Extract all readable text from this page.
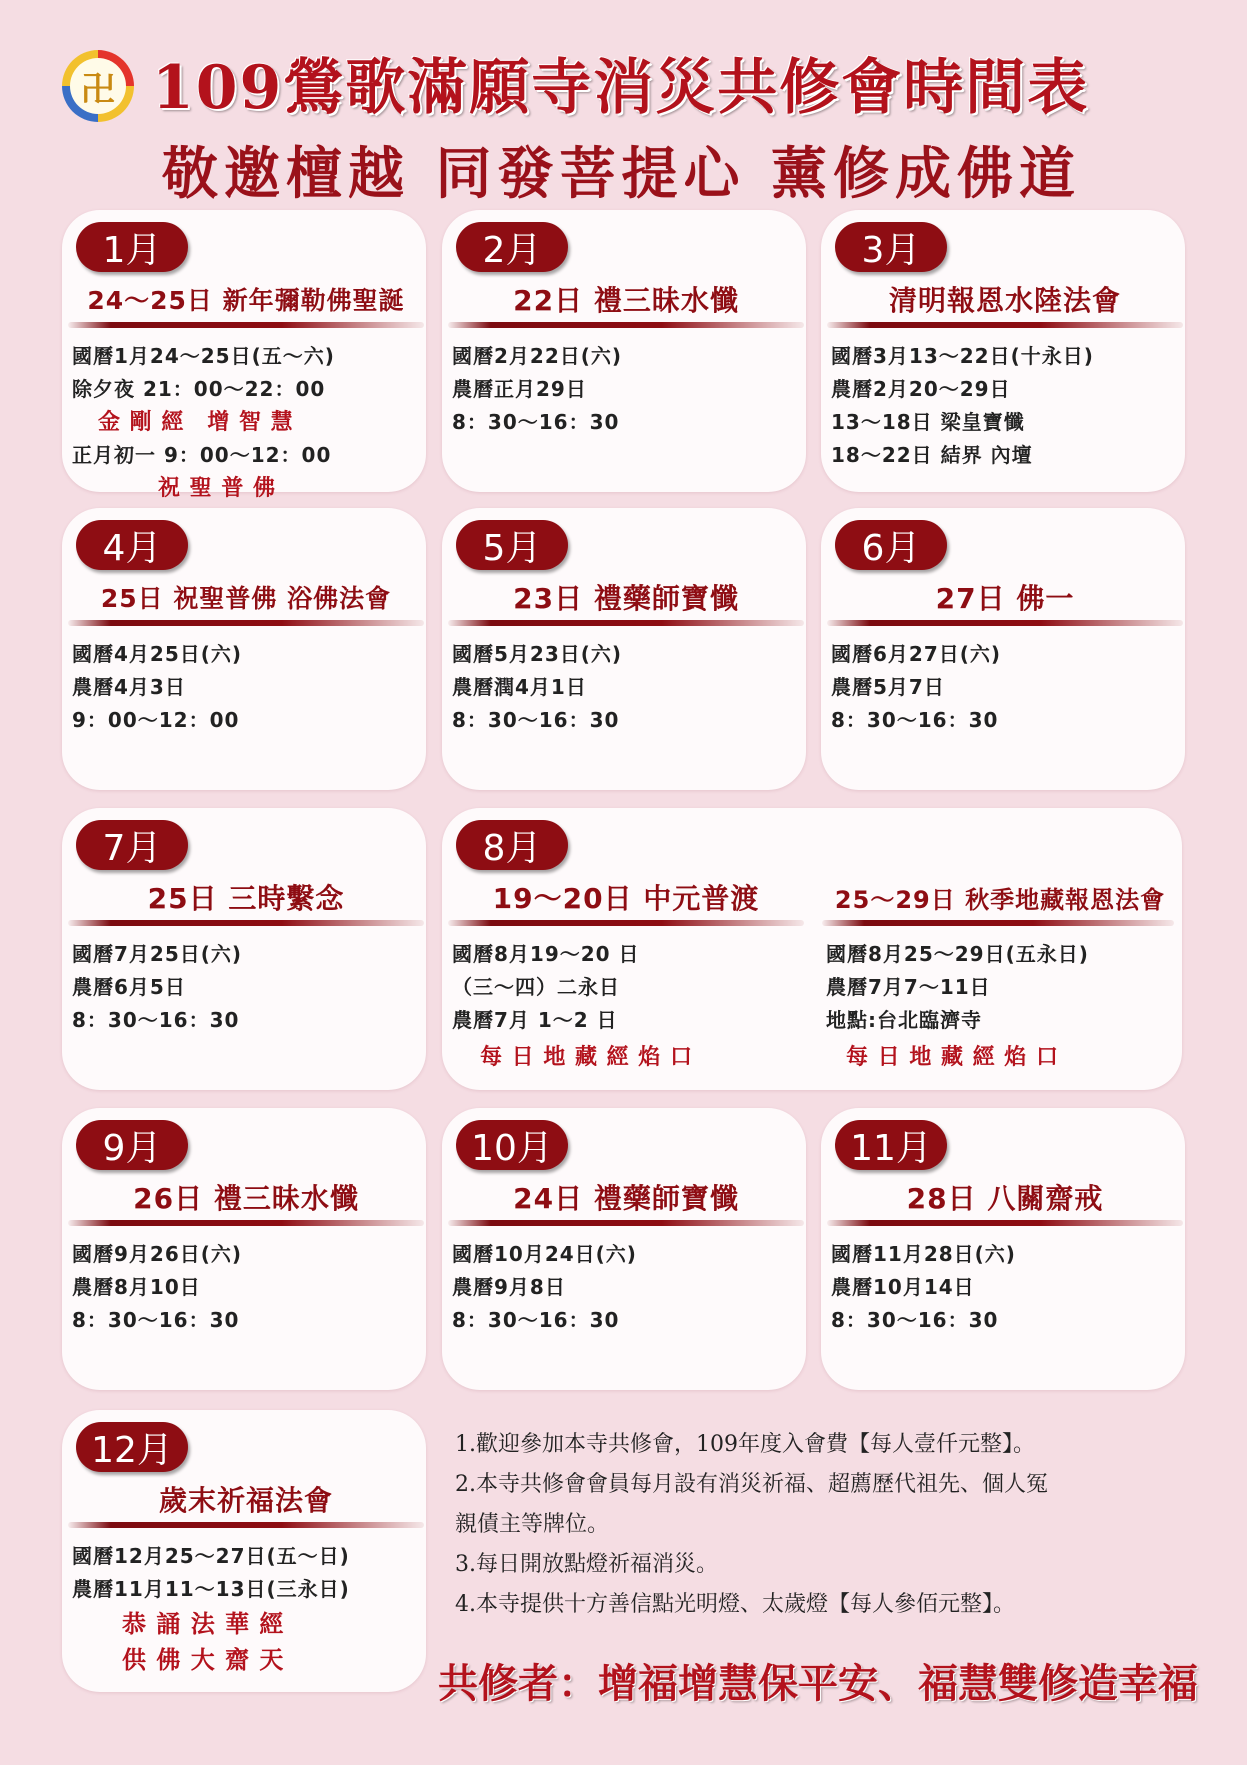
卍 109鶯歌滿願寺消災共修會時間表
敬邀檀越 同發菩提心 薰修成佛道
1月
24～25日 新年彌勒佛聖誕
國曆1月24～25日(五～六)
除夕夜 21：00～22：00
金 剛 經　增 智 慧
正月初一 9：00～12：00
祝 聖 普 佛
2月
22日 禮三昧水懺
國曆2月22日(六)
農曆正月29日
8：30～16：30
3月
清明報恩水陸法會
國曆3月13～22日(十永日)
農曆2月20～29日
13～18日 梁皇寶懺
18～22日 結界 內壇
4月
25日 祝聖普佛 浴佛法會
國曆4月25日(六)
農曆4月3日
9：00～12：00
5月
23日 禮藥師寶懺
國曆5月23日(六)
農曆潤4月1日
8：30～16：30
6月
27日 佛一
國曆6月27日(六)
農曆5月7日
8：30～16：30
7月
25日 三時繫念
國曆7月25日(六)
農曆6月5日
8：30～16：30
8月
19～20日 中元普渡	25～29日 秋季地藏報恩法會
國曆8月19～20 日
（三～四）二永日
農曆7月 1～2 日
每 日 地 藏 經 焰 口
國曆8月25～29日(五永日)
農曆7月7～11日
地點:台北臨濟寺
每 日 地 藏 經 焰 口
9月
26日 禮三昧水懺
國曆9月26日(六)
農曆8月10日
8：30～16：30
10月
24日 禮藥師寶懺
國曆10月24日(六)
農曆9月8日
8：30～16：30
11月
28日 八關齋戒
國曆11月28日(六)
農曆10月14日
8：30～16：30
12月
歲末祈福法會
國曆12月25～27日(五～日)
農曆11月11～13日(三永日)
恭 誦 法 華 經
供 佛 大 齋 天
1.歡迎參加本寺共修會，109年度入會費【每人壹仟元整】。
2.本寺共修會會員每月設有消災祈福、超薦歷代祖先、個人冤
親債主等牌位。
3.每日開放點燈祈福消災。
4.本寺提供十方善信點光明燈、太歲燈【每人參佰元整】。
共修者：增福增慧保平安、福慧雙修造幸福
